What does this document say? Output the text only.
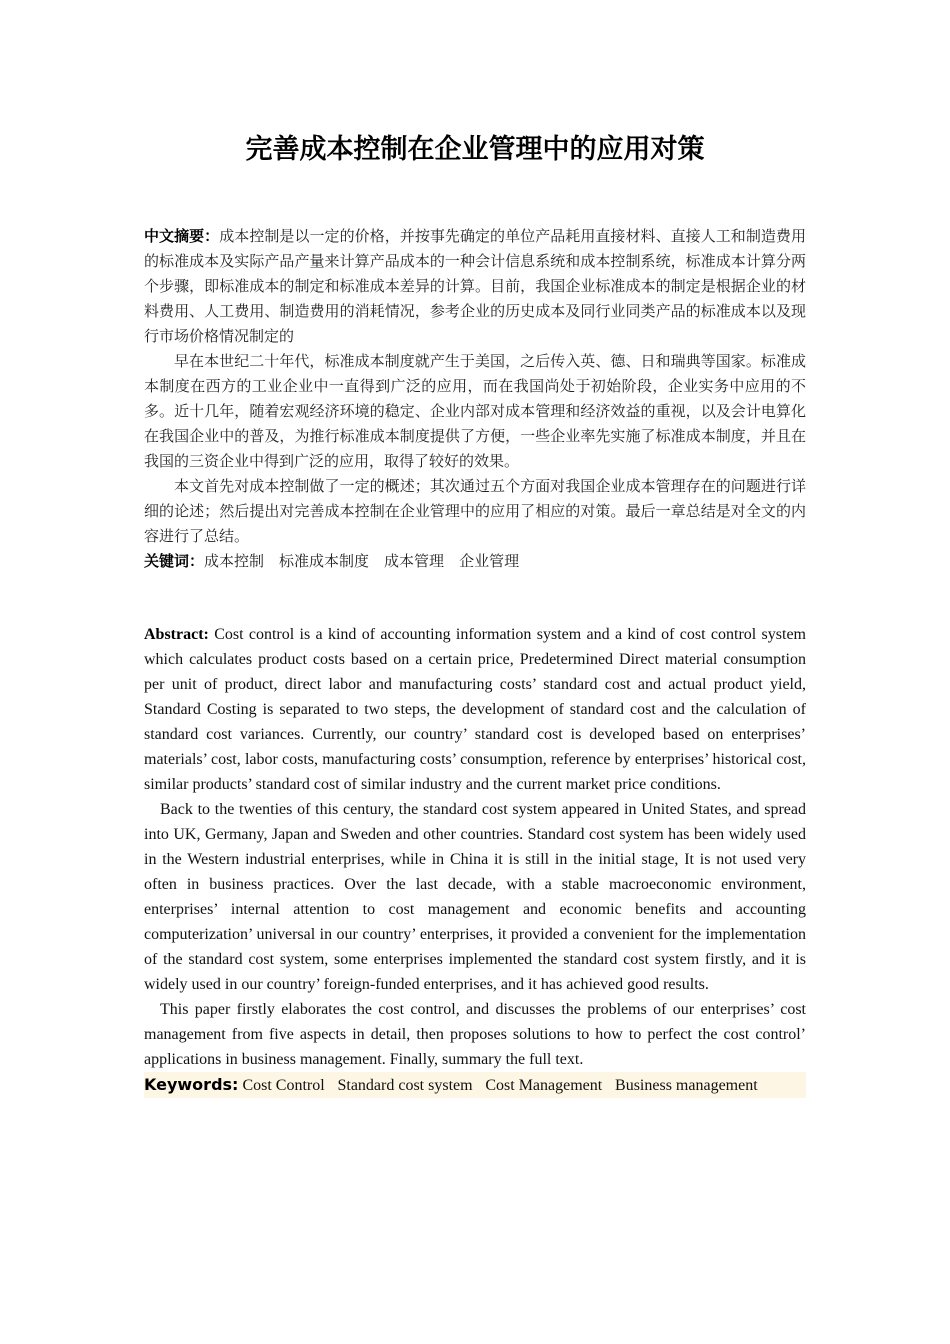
完善成本控制在企业管理中的应用对策

中文摘要：成本控制是以一定的价格，并按事先确定的单位产品耗用直接材料、直接人工和制造费用的标准成本及实际产品产量来计算产品成本的一种会计信息系统和成本控制系统，标准成本计算分两个步骤，即标准成本的制定和标准成本差异的计算。目前，我国企业标准成本的制定是根据企业的材料费用、人工费用、制造费用的消耗情况，参考企业的历史成本及同行业同类产品的标准成本以及现行市场价格情况制定的

早在本世纪二十年代，标准成本制度就产生于美国，之后传入英、德、日和瑞典等国家。标准成本制度在西方的工业企业中一直得到广泛的应用，而在我国尚处于初始阶段，企业实务中应用的不多。近十几年，随着宏观经济环境的稳定、企业内部对成本管理和经济效益的重视，以及会计电算化在我国企业中的普及，为推行标准成本制度提供了方便，一些企业率先实施了标准成本制度，并且在我国的三资企业中得到广泛的应用，取得了较好的效果。

本文首先对成本控制做了一定的概述；其次通过五个方面对我国企业成本管理存在的问题进行详细的论述；然后提出对完善成本控制在企业管理中的应用了相应的对策。最后一章总结是对全文的内容进行了总结。

关键词：成本控制 标准成本制度 成本管理 企业管理

Abstract: Cost control is a kind of accounting information system and a kind of cost control system which calculates product costs based on a certain price, Predetermined Direct material consumption per unit of product, direct labor and manufacturing costs’ standard cost and actual product yield, Standard Costing is separated to two steps, the development of standard cost and the calculation of standard cost variances. Currently, our country’ standard cost is developed based on enterprises’ materials’ cost, labor costs, manufacturing costs’ consumption, reference by enterprises’ historical cost, similar products’ standard cost of similar industry and the current market price conditions.

Back to the twenties of this century, the standard cost system appeared in United States, and spread into UK, Germany, Japan and Sweden and other countries. Standard cost system has been widely used in the Western industrial enterprises, while in China it is still in the initial stage, It is not used very often in business practices. Over the last decade, with a stable macroeconomic environment, enterprises’ internal attention to cost management and economic benefits and accounting computerization’ universal in our country’ enterprises, it provided a convenient for the implementation of the standard cost system, some enterprises implemented the standard cost system firstly, and it is widely used in our country’ foreign-funded enterprises, and it has achieved good results.

This paper firstly elaborates the cost control, and discusses the problems of our enterprises’ cost management from five aspects in detail, then proposes solutions to how to perfect the cost control’ applications in business management. Finally, summary the full text.

Keywords: Cost Control Standard cost system Cost Management Business management
